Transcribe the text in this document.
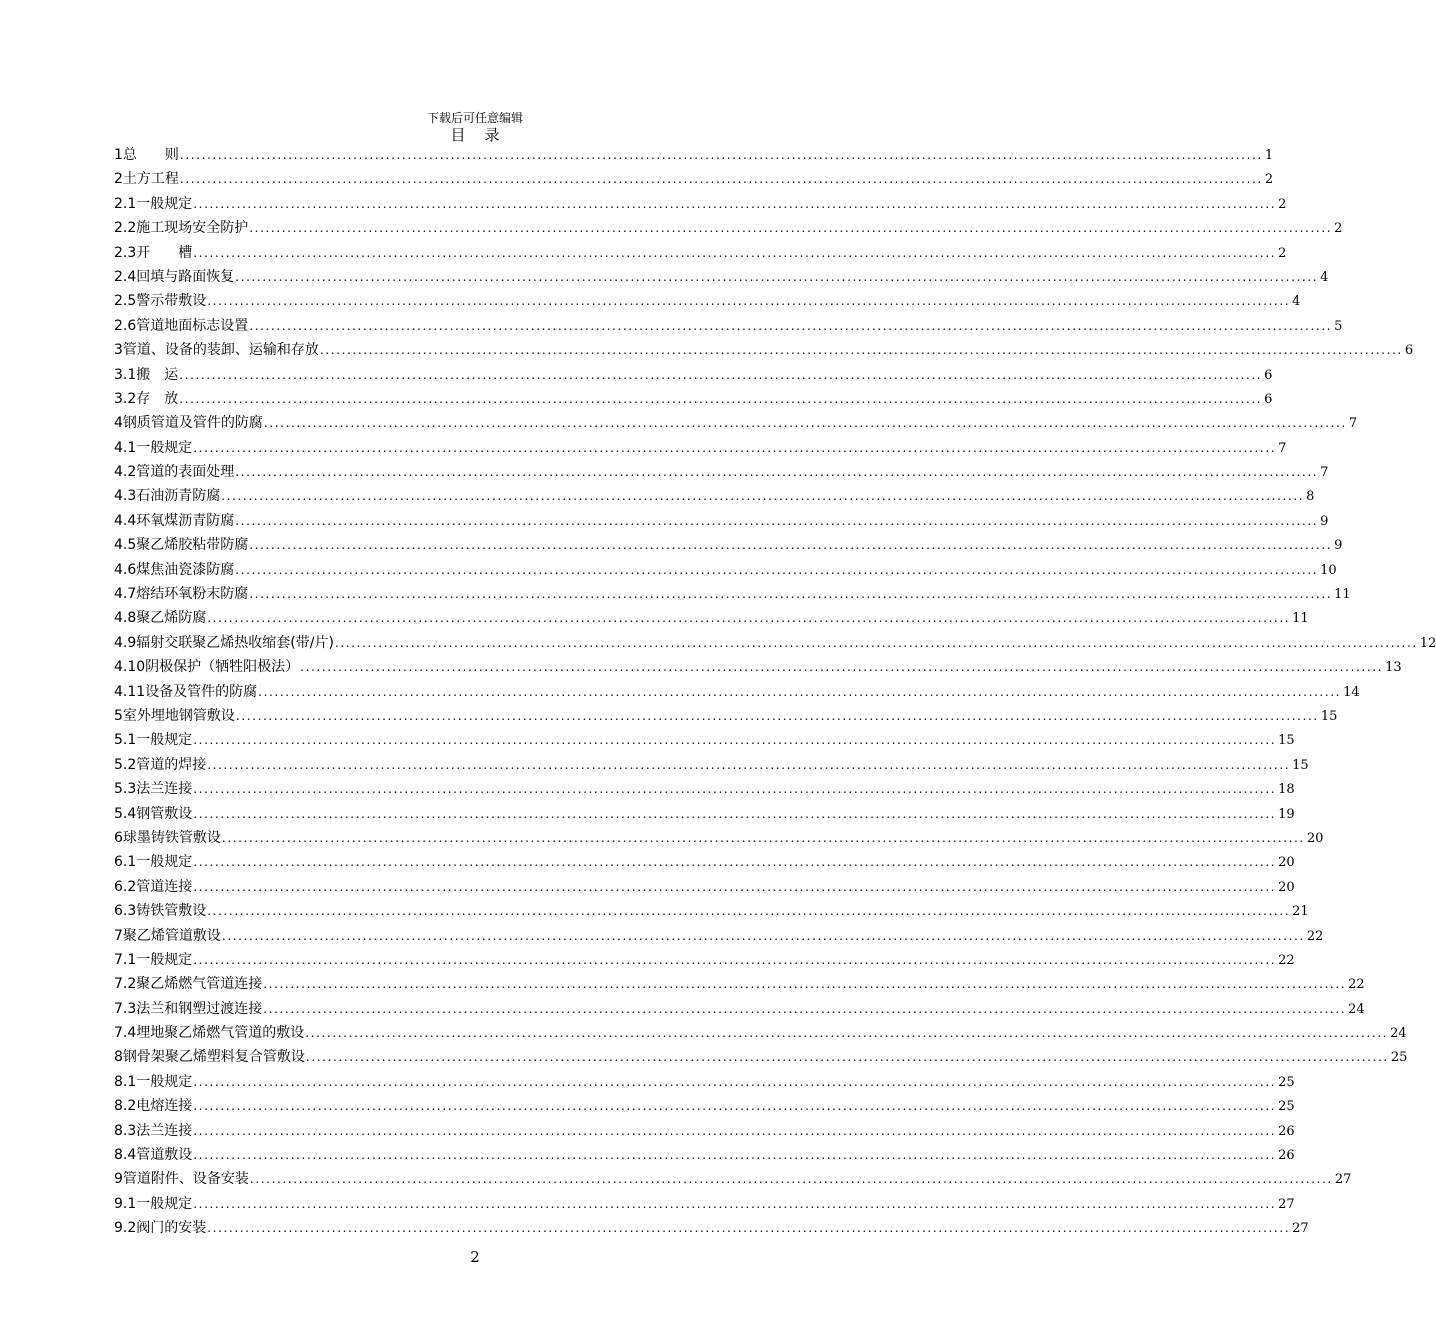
下载后可任意编辑
目    录
1 总　　则 ........................................................................................................................................................................................................ 1
2 土方工程 ........................................................................................................................................................................................................ 2
2.1 一般规定 ........................................................................................................................................................................................................ 2
2.2 施工现场安全防护 ........................................................................................................................................................................................................ 2
2.3 开　　槽 ........................................................................................................................................................................................................ 2
2.4 回填与路面恢复 ........................................................................................................................................................................................................ 4
2.5 警示带敷设 ........................................................................................................................................................................................................ 4
2.6 管道地面标志设置 ........................................................................................................................................................................................................ 5
3 管道、设备的装卸、运输和存放 ........................................................................................................................................................................................................ 6
3.1 搬　运 ........................................................................................................................................................................................................ 6
3.2 存　放 ........................................................................................................................................................................................................ 6
4 钢质管道及管件的防腐 ........................................................................................................................................................................................................ 7
4.1 一般规定 ........................................................................................................................................................................................................ 7
4.2 管道的表面处理 ........................................................................................................................................................................................................ 7
4.3 石油沥青防腐 ........................................................................................................................................................................................................ 8
4.4 环氧煤沥青防腐 ........................................................................................................................................................................................................ 9
4.5 聚乙烯胶粘带防腐 ........................................................................................................................................................................................................ 9
4.6 煤焦油瓷漆防腐 ........................................................................................................................................................................................................ 10
4.7 熔结环氧粉末防腐 ........................................................................................................................................................................................................ 11
4.8 聚乙烯防腐 ........................................................................................................................................................................................................ 11
4.9 辐射交联聚乙烯热收缩套(带/片) ........................................................................................................................................................................................................ 12
4.10 阴极保护（牺牲阳极法） ........................................................................................................................................................................................................ 13
4.11 设备及管件的防腐 ........................................................................................................................................................................................................ 14
5 室外埋地钢管敷设 ........................................................................................................................................................................................................ 15
5.1 一般规定 ........................................................................................................................................................................................................ 15
5.2 管道的焊接 ........................................................................................................................................................................................................ 15
5.3 法兰连接 ........................................................................................................................................................................................................ 18
5.4 钢管敷设 ........................................................................................................................................................................................................ 19
6 球墨铸铁管敷设 ........................................................................................................................................................................................................ 20
6.1 一般规定 ........................................................................................................................................................................................................ 20
6.2 管道连接 ........................................................................................................................................................................................................ 20
6.3 铸铁管敷设 ........................................................................................................................................................................................................ 21
7 聚乙烯管道敷设 ........................................................................................................................................................................................................ 22
7.1 一般规定 ........................................................................................................................................................................................................ 22
7.2 聚乙烯燃气管道连接 ........................................................................................................................................................................................................ 22
7.3 法兰和钢塑过渡连接 ........................................................................................................................................................................................................ 24
7.4 埋地聚乙烯燃气管道的敷设 ........................................................................................................................................................................................................ 24
8 钢骨架聚乙烯塑料复合管敷设 ........................................................................................................................................................................................................ 25
8.1 一般规定 ........................................................................................................................................................................................................ 25
8.2 电熔连接 ........................................................................................................................................................................................................ 25
8.3 法兰连接 ........................................................................................................................................................................................................ 26
8.4 管道敷设 ........................................................................................................................................................................................................ 26
9 管道附件、设备安装 ........................................................................................................................................................................................................ 27
9.1 一般规定 ........................................................................................................................................................................................................ 27
9.2 阀门的安装 ........................................................................................................................................................................................................ 27
2
